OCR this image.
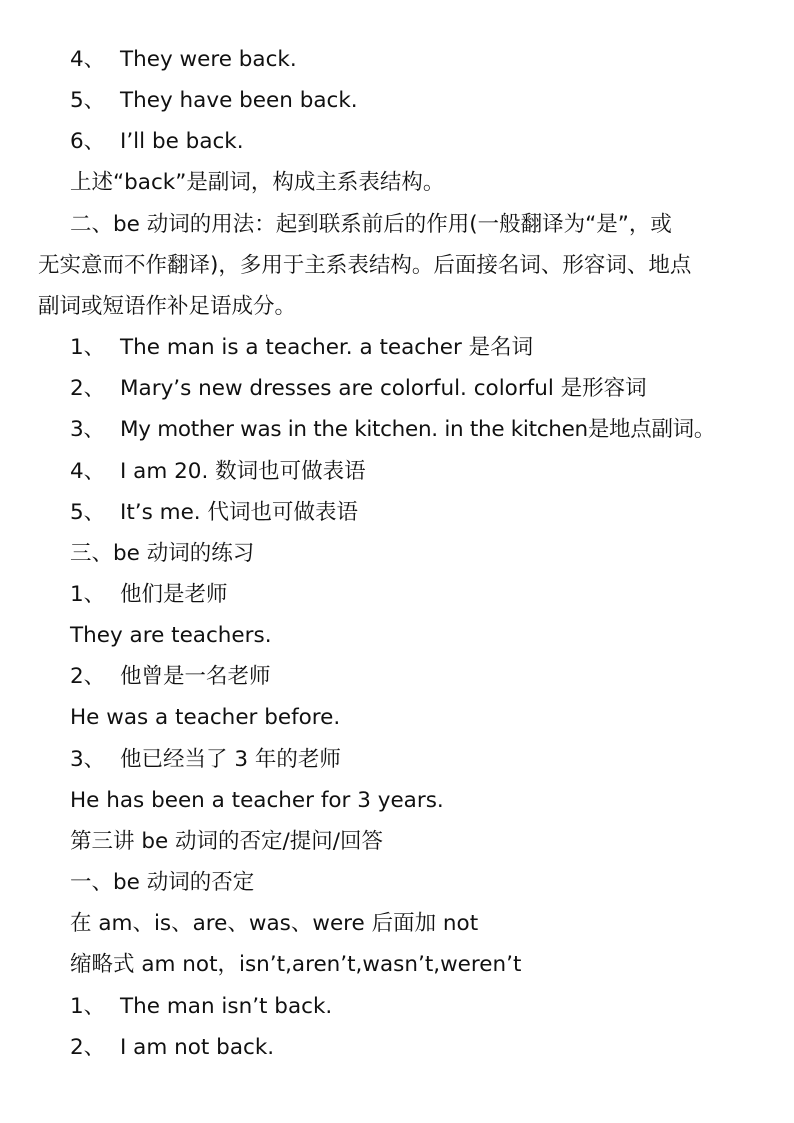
4、 They were back.
5、 They have been back.
6、 I’ll be back.
上述“back”是副词，构成主系表结构。
二、be 动词的用法：起到联系前后的作用(一般翻译为“是”，或
无实意而不作翻译)，多用于主系表结构。后面接名词、形容词、地点
副词或短语作补足语成分。
1、 The man is a teacher. a teacher 是名词
2、 Mary’s new dresses are colorful. colorful 是形容词
3、 My mother was in the kitchen. in the kitchen是地点副词。
4、 I am 20. 数词也可做表语
5、 It’s me. 代词也可做表语
三、be 动词的练习
1、 他们是老师
They are teachers.
2、 他曾是一名老师
He was a teacher before.
3、 他已经当了 3 年的老师
He has been a teacher for 3 years.
第三讲 be 动词的否定/提问/回答
一、be 动词的否定
在 am、is、are、was、were 后面加 not
缩略式 am not，isn’t,aren’t,wasn’t,weren’t
1、 The man isn’t back.
2、 I am not back.
